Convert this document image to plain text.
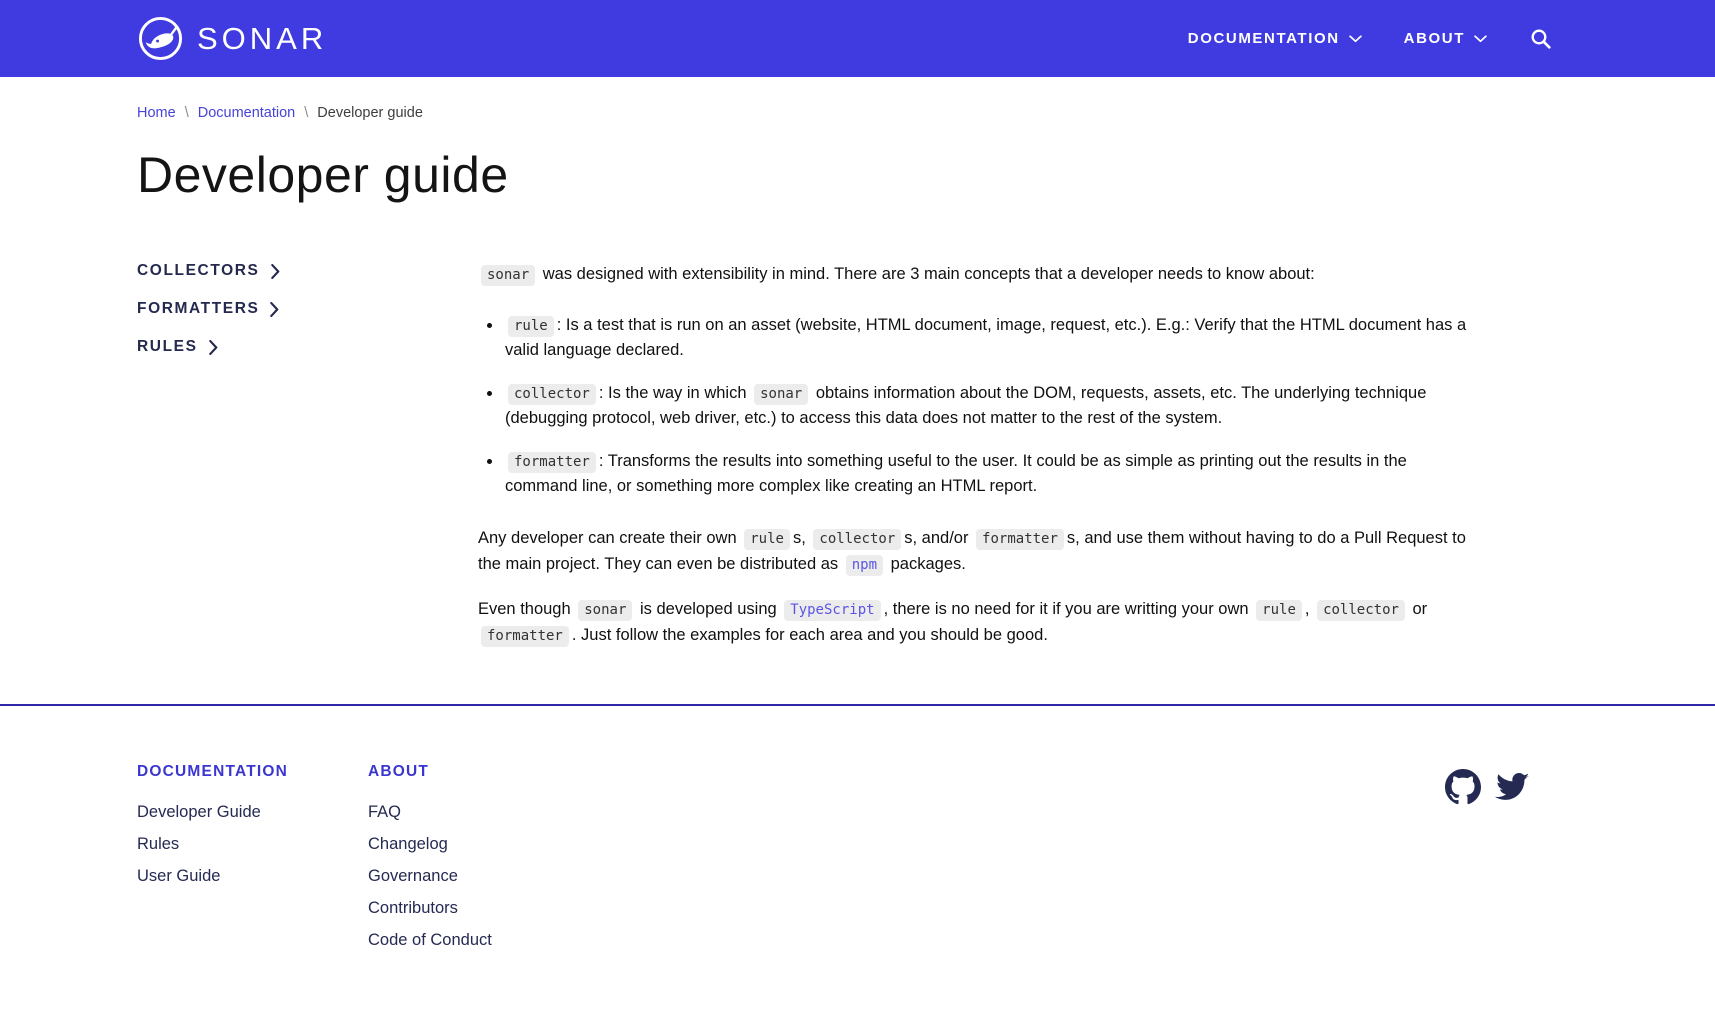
SONAR	DOCUMENTATION	ABOUT
Home \ Documentation \ Developer guide
Developer guide
COLLECTORS
FORMATTERS
RULES

sonar was designed with extensibility in mind. There are 3 main concepts that a developer needs to know about:

• rule : Is a test that is run on an asset (website, HTML document, image, request, etc.). E.g.: Verify that the HTML document has a valid language declared.
• collector : Is the way in which sonar obtains information about the DOM, requests, assets, etc. The underlying technique (debugging protocol, web driver, etc.) to access this data does not matter to the rest of the system.
• formatter : Transforms the results into something useful to the user. It could be as simple as printing out the results in the command line, or something more complex like creating an HTML report.

Any developer can create their own rule s, collector s, and/or formatter s, and use them without having to do a Pull Request to the main project. They can even be distributed as npm packages.

Even though sonar is developed using TypeScript , there is no need for it if you are writting your own rule , collector or formatter . Just follow the examples for each area and you should be good.

DOCUMENTATION
Developer Guide
Rules
User Guide
ABOUT
FAQ
Changelog
Governance
Contributors
Code of Conduct
